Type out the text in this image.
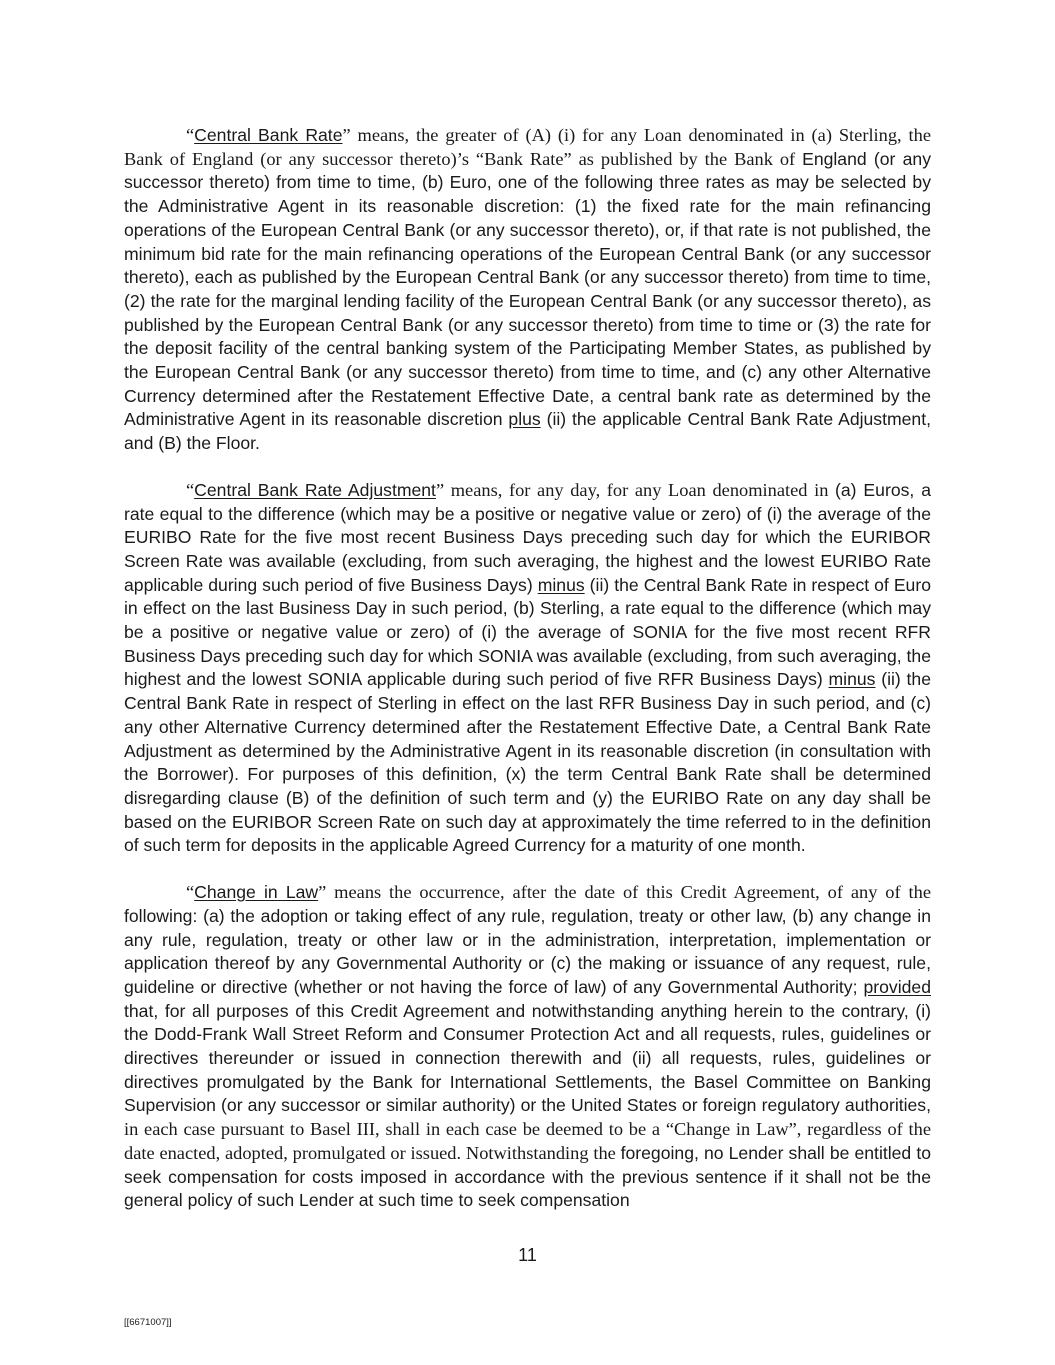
“Central Bank Rate” means, the greater of (A) (i) for any Loan denominated in (a) Sterling, the Bank of England (or any successor thereto)’s “Bank Rate” as published by the Bank of England (or any successor thereto) from time to time, (b) Euro, one of the following three rates as may be selected by the Administrative Agent in its reasonable discretion: (1) the fixed rate for the main refinancing operations of the European Central Bank (or any successor thereto), or, if that rate is not published, the minimum bid rate for the main refinancing operations of the European Central Bank (or any successor thereto), each as published by the European Central Bank (or any successor thereto) from time to time, (2) the rate for the marginal lending facility of the European Central Bank (or any successor thereto), as published by the European Central Bank (or any successor thereto) from time to time or (3) the rate for the deposit facility of the central banking system of the Participating Member States, as published by the European Central Bank (or any successor thereto) from time to time, and (c) any other Alternative Currency determined after the Restatement Effective Date, a central bank rate as determined by the Administrative Agent in its reasonable discretion plus (ii) the applicable Central Bank Rate Adjustment, and (B) the Floor.

“Central Bank Rate Adjustment” means, for any day, for any Loan denominated in (a) Euros, a rate equal to the difference (which may be a positive or negative value or zero) of (i) the average of the EURIBO Rate for the five most recent Business Days preceding such day for which the EURIBOR Screen Rate was available (excluding, from such averaging, the highest and the lowest EURIBO Rate applicable during such period of five Business Days) minus (ii) the Central Bank Rate in respect of Euro in effect on the last Business Day in such period, (b) Sterling, a rate equal to the difference (which may be a positive or negative value or zero) of (i) the average of SONIA for the five most recent RFR Business Days preceding such day for which SONIA was available (excluding, from such averaging, the highest and the lowest SONIA applicable during such period of five RFR Business Days) minus (ii) the Central Bank Rate in respect of Sterling in effect on the last RFR Business Day in such period, and (c) any other Alternative Currency determined after the Restatement Effective Date, a Central Bank Rate Adjustment as determined by the Administrative Agent in its reasonable discretion (in consultation with the Borrower). For purposes of this definition, (x) the term Central Bank Rate shall be determined disregarding clause (B) of the definition of such term and (y) the EURIBO Rate on any day shall be based on the EURIBOR Screen Rate on such day at approximately the time referred to in the definition of such term for deposits in the applicable Agreed Currency for a maturity of one month.

“Change in Law” means the occurrence, after the date of this Credit Agreement, of any of the following: (a) the adoption or taking effect of any rule, regulation, treaty or other law, (b) any change in any rule, regulation, treaty or other law or in the administration, interpretation, implementation or application thereof by any Governmental Authority or (c) the making or issuance of any request, rule, guideline or directive (whether or not having the force of law) of any Governmental Authority; provided that, for all purposes of this Credit Agreement and notwithstanding anything herein to the contrary, (i) the Dodd-Frank Wall Street Reform and Consumer Protection Act and all requests, rules, guidelines or directives thereunder or issued in connection therewith and (ii) all requests, rules, guidelines or directives promulgated by the Bank for International Settlements, the Basel Committee on Banking Supervision (or any successor or similar authority) or the United States or foreign regulatory authorities, in each case pursuant to Basel III, shall in each case be deemed to be a “Change in Law”, regardless of the date enacted, adopted, promulgated or issued. Notwithstanding the foregoing, no Lender shall be entitled to seek compensation for costs imposed in accordance with the previous sentence if it shall not be the general policy of such Lender at such time to seek compensation

11
[[6671007]]
